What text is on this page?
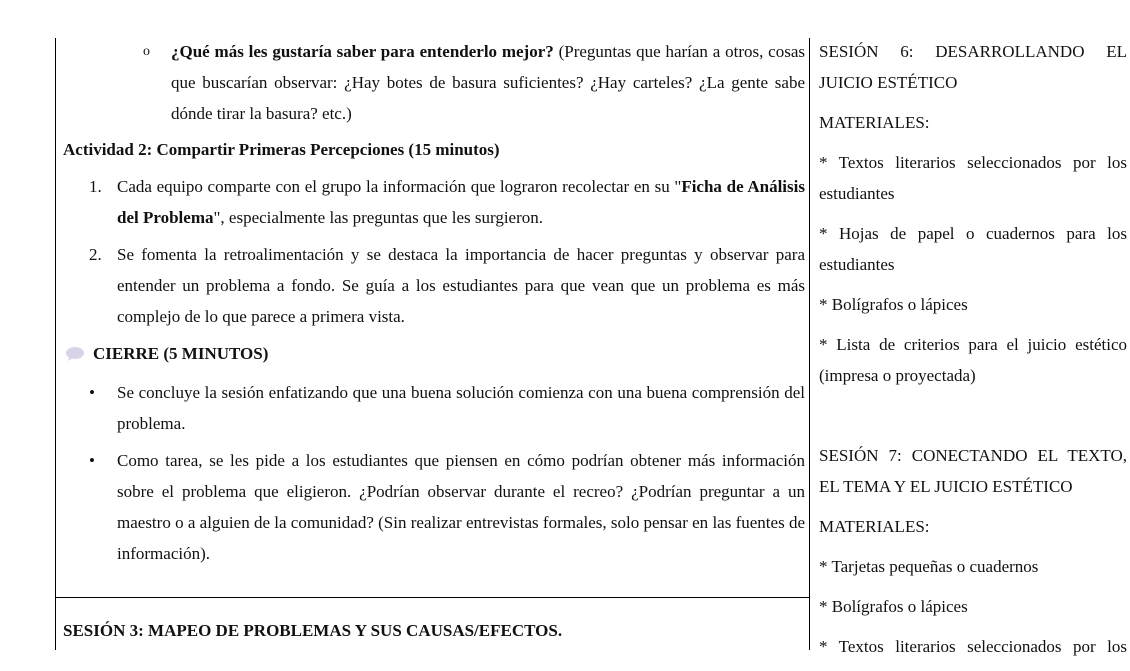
o ¿Qué más les gustaría saber para entenderlo mejor? (Preguntas que harían a otros, cosas que buscarían observar: ¿Hay botes de basura suficientes? ¿Hay carteles? ¿La gente sabe dónde tirar la basura? etc.)

Actividad 2: Compartir Primeras Percepciones (15 minutos)

1. Cada equipo comparte con el grupo la información que lograron recolectar en su "Ficha de Análisis del Problema", especialmente las preguntas que les surgieron.
2. Se fomenta la retroalimentación y se destaca la importancia de hacer preguntas y observar para entender un problema a fondo. Se guía a los estudiantes para que vean que un problema es más complejo de lo que parece a primera vista.
CIERRE (5 MINUTOS)
• Se concluye la sesión enfatizando que una buena solución comienza con una buena comprensión del problema.
• Como tarea, se les pide a los estudiantes que piensen en cómo podrían obtener más información sobre el problema que eligieron. ¿Podrían observar durante el recreo? ¿Podrían preguntar a un maestro o a alguien de la comunidad? (Sin realizar entrevistas formales, solo pensar en las fuentes de información).

SESIÓN 3: MAPEO DE PROBLEMAS Y SUS CAUSAS/EFECTOS.

SESIÓN 6: DESARROLLANDO EL JUICIO ESTÉTICO

MATERIALES:

* Textos literarios seleccionados por los estudiantes

* Hojas de papel o cuadernos para los estudiantes

* Bolígrafos o lápices

* Lista de criterios para el juicio estético (impresa o proyectada)

SESIÓN 7: CONECTANDO EL TEXTO, EL TEMA Y EL JUICIO ESTÉTICO

MATERIALES:

* Tarjetas pequeñas o cuadernos

* Bolígrafos o lápices

* Textos literarios seleccionados por los
